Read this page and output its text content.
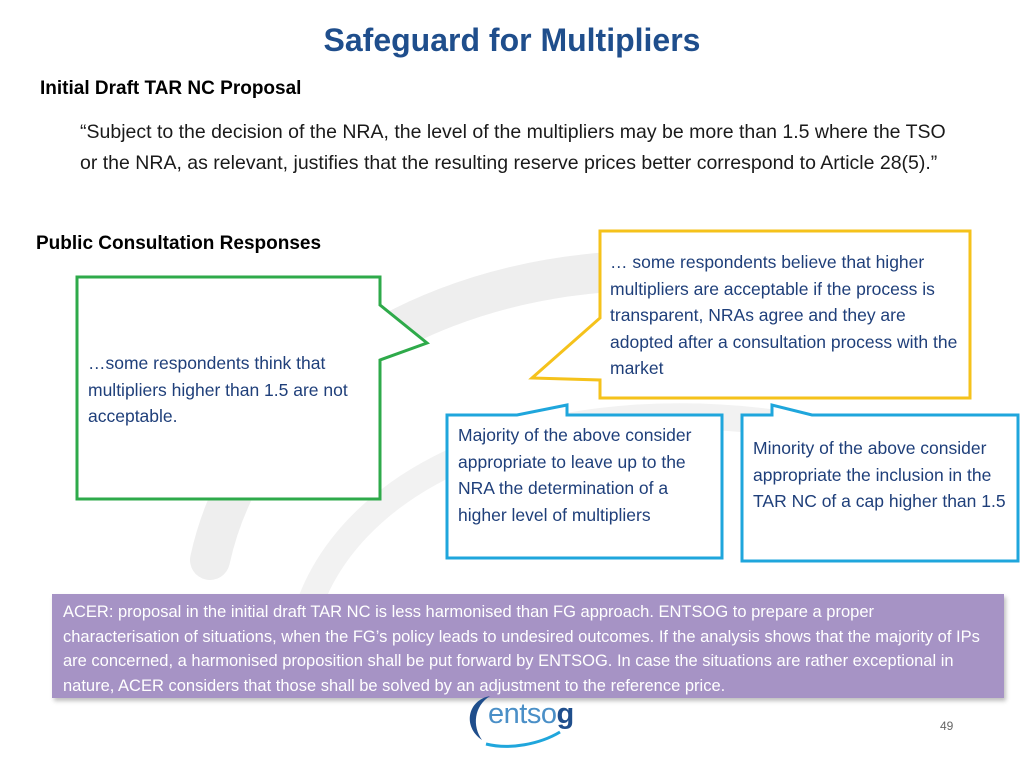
Safeguard for Multipliers
Initial Draft TAR NC Proposal
“Subject to the decision of the NRA, the level of the multipliers may be more than 1.5 where the TSO or the NRA, as relevant, justifies that the resulting reserve prices better correspond to Article 28(5).”
Public Consultation Responses
…some respondents think that multipliers higher than 1.5 are not acceptable.
… some respondents believe that higher multipliers are acceptable if the process is transparent, NRAs agree and they are adopted after a consultation process with the market
Majority of the above consider appropriate to leave up to the NRA the determination of a higher level of multipliers
Minority of the above consider appropriate the inclusion in the TAR NC of a cap higher than 1.5
ACER: proposal in the initial draft TAR NC is less harmonised than FG approach. ENTSOG to prepare a proper characterisation of situations, when the FG’s policy leads to undesired outcomes. If the analysis shows that the majority of IPs are concerned, a harmonised proposition shall be put forward by ENTSOG. In case the situations are rather exceptional in nature, ACER considers that those shall be solved by an adjustment to the reference price.
entsog	49
